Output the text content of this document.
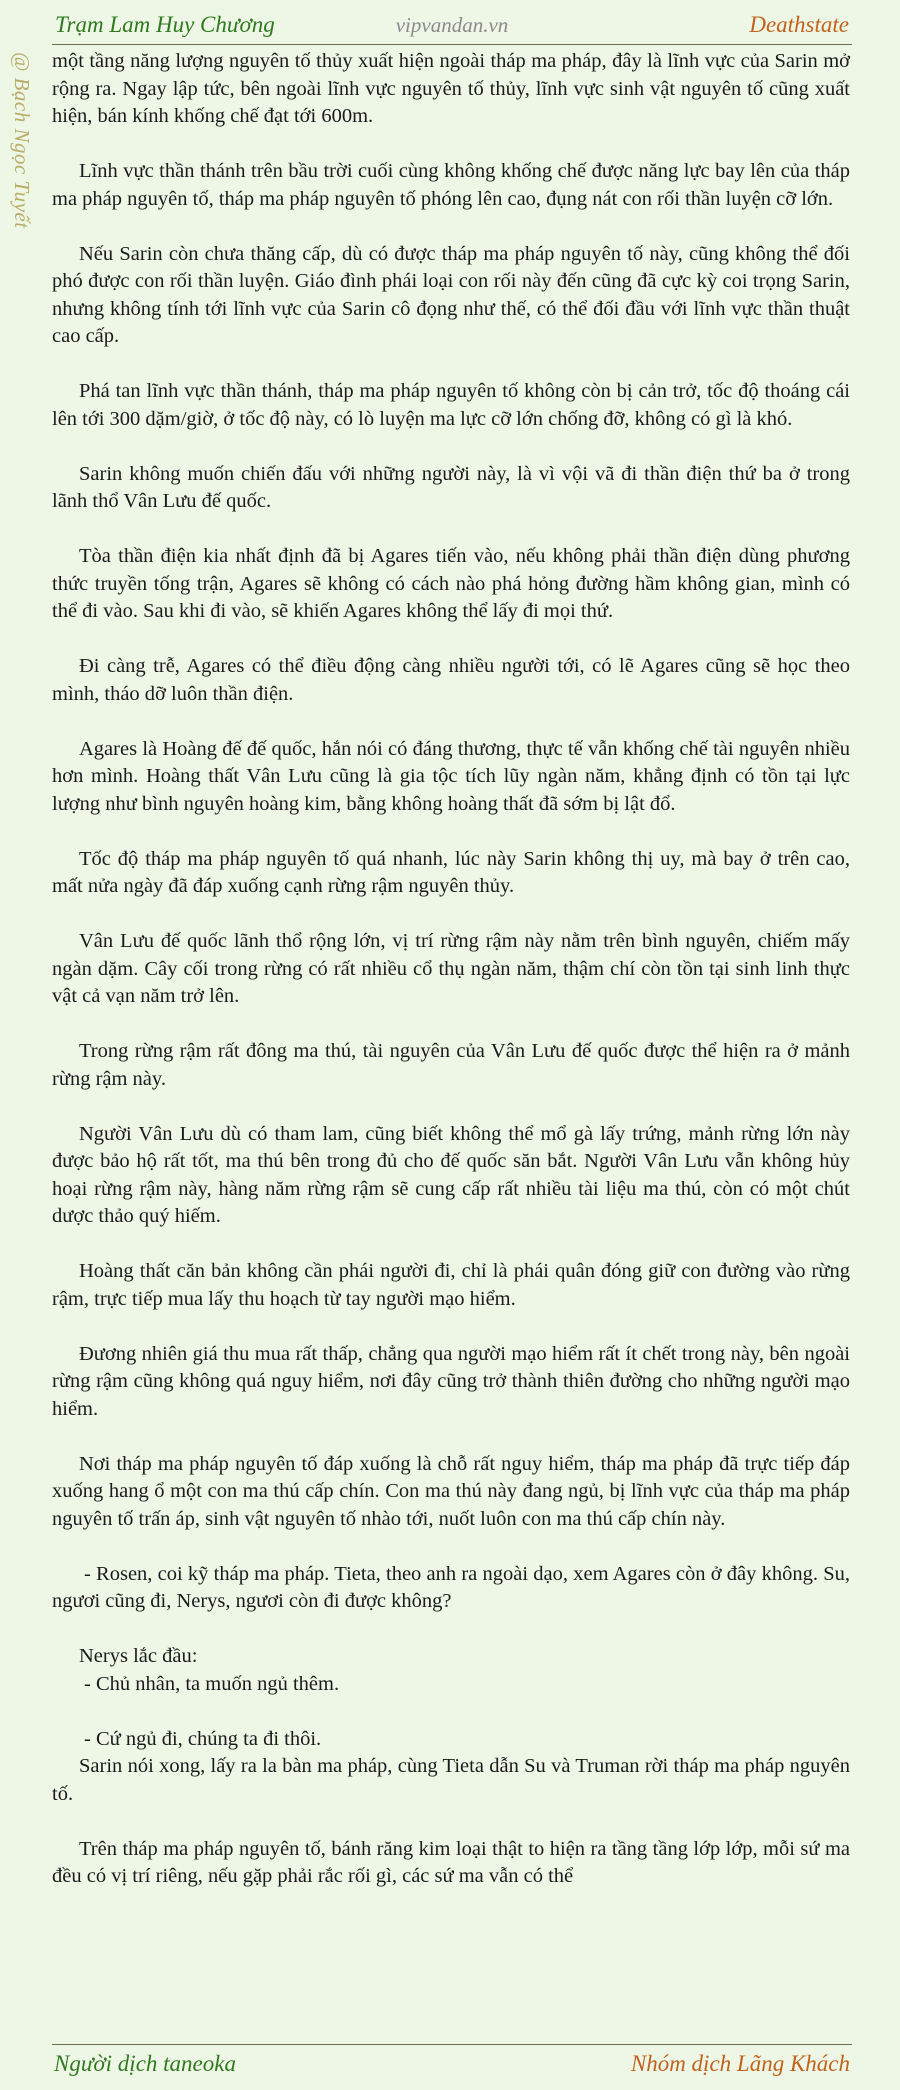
Trạm Lam Huy Chương	vipvandan.vn	Deathstate
@ Bạch Ngọc Tuyết một tầng năng lượng nguyên tố thủy xuất hiện ngoài tháp ma pháp, đây là lĩnh vực của Sarin mở rộng ra. Ngay lập tức, bên ngoài lĩnh vực nguyên tố thủy, lĩnh vực sinh vật nguyên tố cũng xuất hiện, bán kính khống chế đạt tới 600m.

Lĩnh vực thần thánh trên bầu trời cuối cùng không khống chế được năng lực bay lên của tháp ma pháp nguyên tố, tháp ma pháp nguyên tố phóng lên cao, đụng nát con rối thần luyện cỡ lớn.

Nếu Sarin còn chưa thăng cấp, dù có được tháp ma pháp nguyên tố này, cũng không thể đối phó được con rối thần luyện. Giáo đình phái loại con rối này đến cũng đã cực kỳ coi trọng Sarin, nhưng không tính tới lĩnh vực của Sarin cô đọng như thế, có thể đối đầu với lĩnh vực thần thuật cao cấp.

Phá tan lĩnh vực thần thánh, tháp ma pháp nguyên tố không còn bị cản trở, tốc độ thoáng cái lên tới 300 dặm/giờ, ở tốc độ này, có lò luyện ma lực cỡ lớn chống đỡ, không có gì là khó.

Sarin không muốn chiến đấu với những người này, là vì vội vã đi thần điện thứ ba ở trong lãnh thổ Vân Lưu đế quốc.

Tòa thần điện kia nhất định đã bị Agares tiến vào, nếu không phải thần điện dùng phương thức truyền tống trận, Agares sẽ không có cách nào phá hỏng đường hầm không gian, mình có thể đi vào. Sau khi đi vào, sẽ khiến Agares không thể lấy đi mọi thứ.

Đi càng trễ, Agares có thể điều động càng nhiều người tới, có lẽ Agares cũng sẽ học theo mình, tháo dỡ luôn thần điện.

Agares là Hoàng đế đế quốc, hắn nói có đáng thương, thực tế vẫn khống chế tài nguyên nhiều hơn mình. Hoàng thất Vân Lưu cũng là gia tộc tích lũy ngàn năm, khẳng định có tồn tại lực lượng như bình nguyên hoàng kim, bằng không hoàng thất đã sớm bị lật đổ.

Tốc độ tháp ma pháp nguyên tố quá nhanh, lúc này Sarin không thị uy, mà bay ở trên cao, mất nửa ngày đã đáp xuống cạnh rừng rậm nguyên thủy.

Vân Lưu đế quốc lãnh thổ rộng lớn, vị trí rừng rậm này nằm trên bình nguyên, chiếm mấy ngàn dặm. Cây cối trong rừng có rất nhiều cổ thụ ngàn năm, thậm chí còn tồn tại sinh linh thực vật cả vạn năm trở lên.

Trong rừng rậm rất đông ma thú, tài nguyên của Vân Lưu đế quốc được thể hiện ra ở mảnh rừng rậm này.

Người Vân Lưu dù có tham lam, cũng biết không thể mổ gà lấy trứng, mảnh rừng lớn này được bảo hộ rất tốt, ma thú bên trong đủ cho đế quốc săn bắt. Người Vân Lưu vẫn không hủy hoại rừng rậm này, hàng năm rừng rậm sẽ cung cấp rất nhiều tài liệu ma thú, còn có một chút dược thảo quý hiếm.

Hoàng thất căn bản không cần phái người đi, chỉ là phái quân đóng giữ con đường vào rừng rậm, trực tiếp mua lấy thu hoạch từ tay người mạo hiểm.

Đương nhiên giá thu mua rất thấp, chẳng qua người mạo hiểm rất ít chết trong này, bên ngoài rừng rậm cũng không quá nguy hiểm, nơi đây cũng trở thành thiên đường cho những người mạo hiểm.

Nơi tháp ma pháp nguyên tố đáp xuống là chỗ rất nguy hiểm, tháp ma pháp đã trực tiếp đáp xuống hang ổ một con ma thú cấp chín. Con ma thú này đang ngủ, bị lĩnh vực của tháp ma pháp nguyên tố trấn áp, sinh vật nguyên tố nhào tới, nuốt luôn con ma thú cấp chín này.

- Rosen, coi kỹ tháp ma pháp. Tieta, theo anh ra ngoài dạo, xem Agares còn ở đây không. Su, ngươi cũng đi, Nerys, ngươi còn đi được không?

Nerys lắc đầu:
- Chủ nhân, ta muốn ngủ thêm.

- Cứ ngủ đi, chúng ta đi thôi.
Sarin nói xong, lấy ra la bàn ma pháp, cùng Tieta dẫn Su và Truman rời tháp ma pháp nguyên tố.

Trên tháp ma pháp nguyên tố, bánh răng kim loại thật to hiện ra tầng tầng lớp lớp, mỗi sứ ma đều có vị trí riêng, nếu gặp phải rắc rối gì, các sứ ma vẫn có thể

Người dịch taneoka	Nhóm dịch Lãng Khách
